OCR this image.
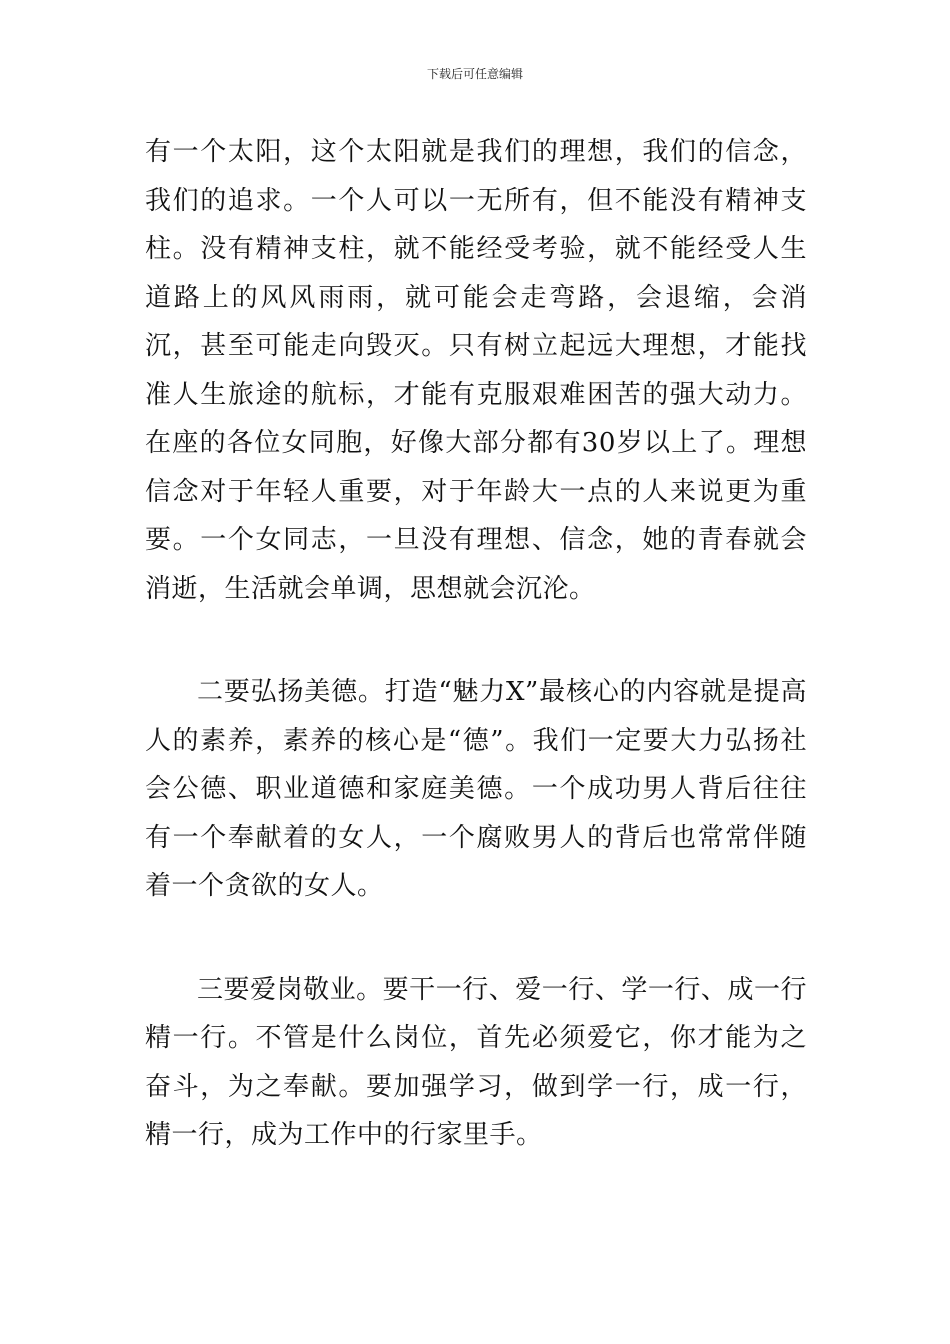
下载后可任意编辑

有一个太阳，这个太阳就是我们的理想，我们的信念，我们的追求。一个人可以一无所有，但不能没有精神支柱。没有精神支柱，就不能经受考验，就不能经受人生道路上的风风雨雨，就可能会走弯路，会退缩，会消沉，甚至可能走向毁灭。只有树立起远大理想，才能找准人生旅途的航标，才能有克服艰难困苦的强大动力。在座的各位女同胞，好像大部分都有30岁以上了。理想信念对于年轻人重要，对于年龄大一点的人来说更为重要。一个女同志，一旦没有理想、信念，她的青春就会消逝，生活就会单调，思想就会沉沦。

二要弘扬美德。打造“魅力X”最核心的内容就是提高人的素养，素养的核心是“德”。我们一定要大力弘扬社会公德、职业道德和家庭美德。一个成功男人背后往往有一个奉献着的女人，一个腐败男人的背后也常常伴随着一个贪欲的女人。

三要爱岗敬业。要干一行、爱一行、学一行、成一行精一行。不管是什么岗位，首先必须爱它，你才能为之奋斗，为之奉献。要加强学习，做到学一行，成一行，精一行，成为工作中的行家里手。
